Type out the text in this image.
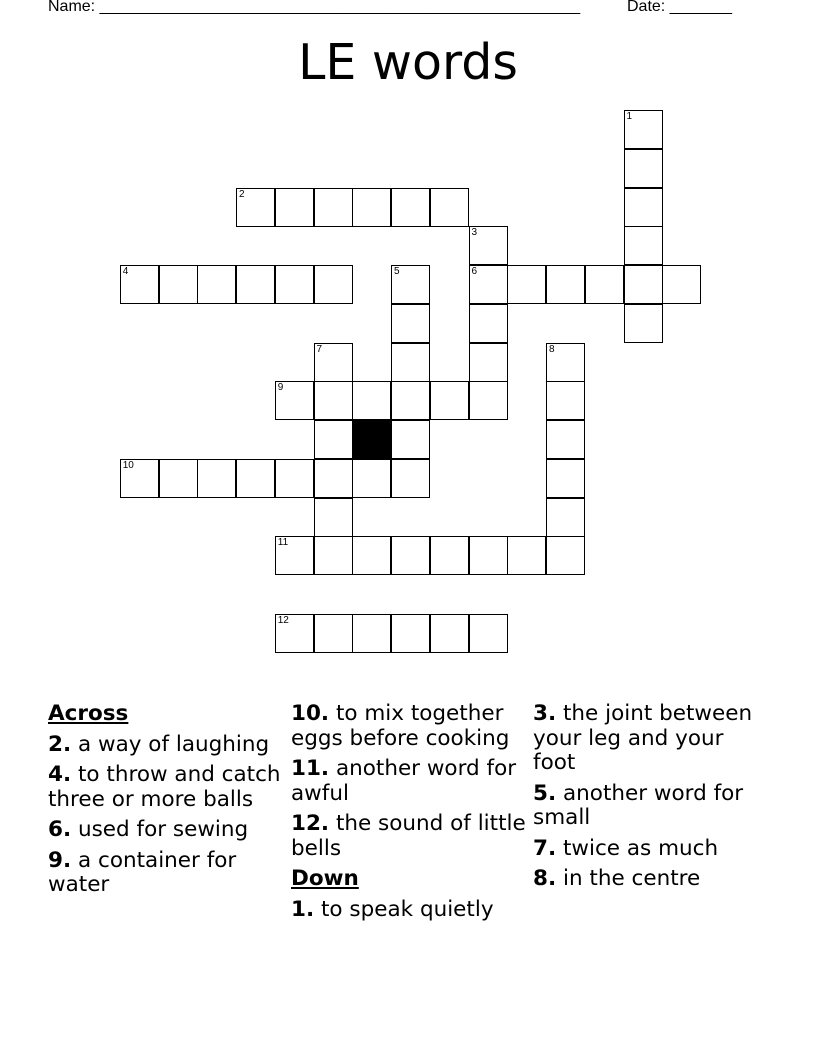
Name: ______________________________________________________	Date: _______
LE words
2
4	6
9
10
11
12
1
3
5
7	8
Across
2. a way of laughing
4. to throw and catch three or more balls
6. used for sewing
9. a container for water
10. to mix together eggs before cooking
11. another word for awful
12. the sound of little bells
Down
1. to speak quietly
3. the joint between your leg and your foot
5. another word for small
7. twice as much
8. in the centre
